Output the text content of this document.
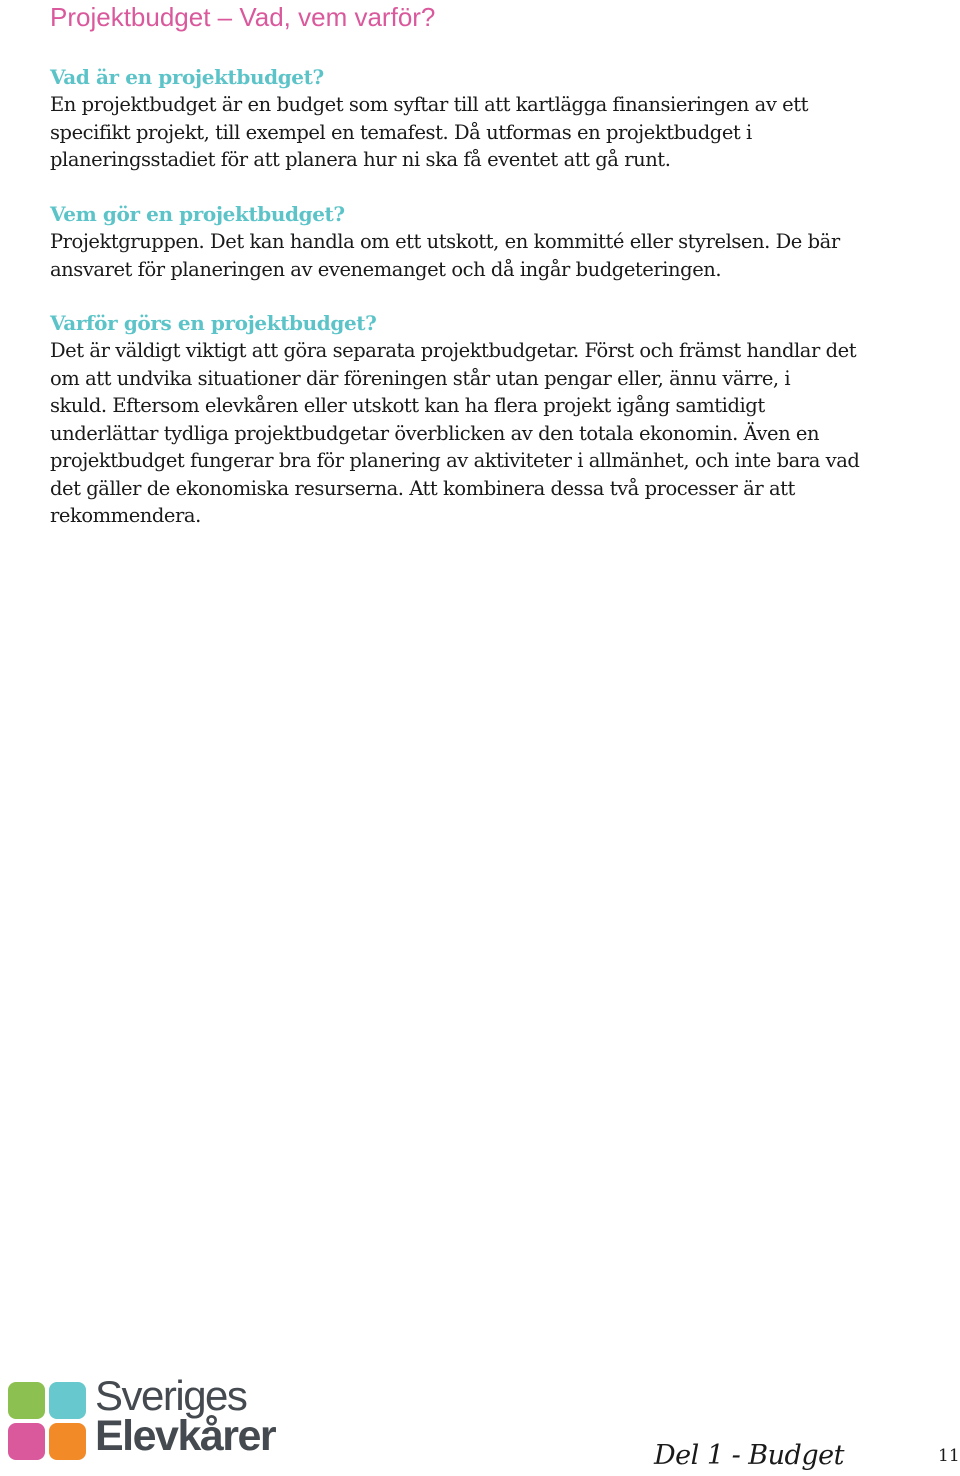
Projektbudget – Vad, vem varför?
Vad är en projektbudget?

En projektbudget är en budget som syftar till att kartlägga finansieringen av ett
specifikt projekt, till exempel en temafest. Då utformas en projektbudget i
planeringsstadiet för att planera hur ni ska få eventet att gå runt.

Vem gör en projektbudget?

Projektgruppen. Det kan handla om ett utskott, en kommitté eller styrelsen. De bär
ansvaret för planeringen av evenemanget och då ingår budgeteringen.

Varför görs en projektbudget?

Det är väldigt viktigt att göra separata projektbudgetar. Först och främst handlar det
om att undvika situationer där föreningen står utan pengar eller, ännu värre, i
skuld. Eftersom elevkåren eller utskott kan ha flera projekt igång samtidigt
underlättar tydliga projektbudgetar överblicken av den totala ekonomin. Även en
projektbudget fungerar bra för planering av aktiviteter i allmänhet, och inte bara vad
det gäller de ekonomiska resurserna. Att kombinera dessa två processer är att
rekommendera.

Sveriges
Elevkårer	Del 1 - Budget	11
